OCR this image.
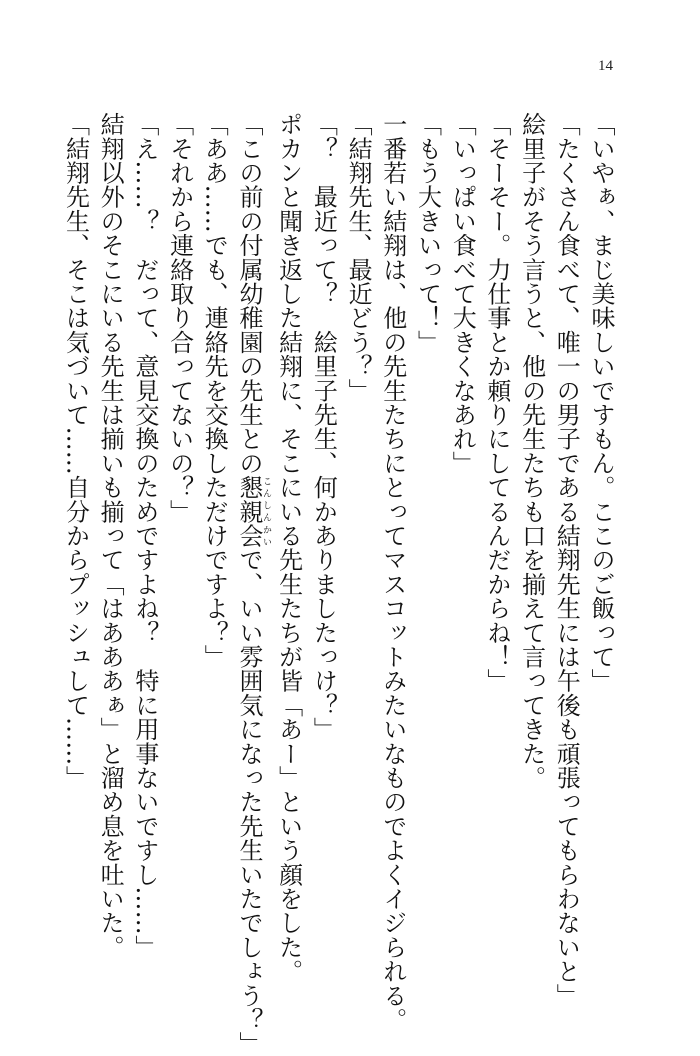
14
「いやぁ、まじ美味しいですもん。ここのご飯って」
「たくさん食べて、唯一の男子である結翔先生には午後も頑張ってもらわないと」
絵里子がそう言うと、他の先生たちも口を揃えて言ってきた。
「そーそー。力仕事とか頼りにしてるんだからね！」
「いっぱい食べて大きくなあれ」
「もう大きいって！」
一番若い結翔は、他の先生たちにとってマスコットみたいなものでよくイジられる。
「結翔先生、最近どう？」
「？　最近って？　絵里子先生、何かありましたっけ？」
ポカンと聞き返した結翔に、そこにいる先生たちが皆「あー」という顔をした。
「この前の付属幼稚園の先生との懇親会こんしんかいで、いい雰囲気になった先生いたでしょう？」
「ああ……でも、連絡先を交換しただけですよ？」
「それから連絡取り合ってないの？」
「え……？　だって、意見交換のためですよね？　特に用事ないですし……」
結翔以外のそこにいる先生は揃いも揃って「はあああぁ」と溜め息を吐いた。
「結翔先生、そこは気づいて……自分からプッシュして……」
